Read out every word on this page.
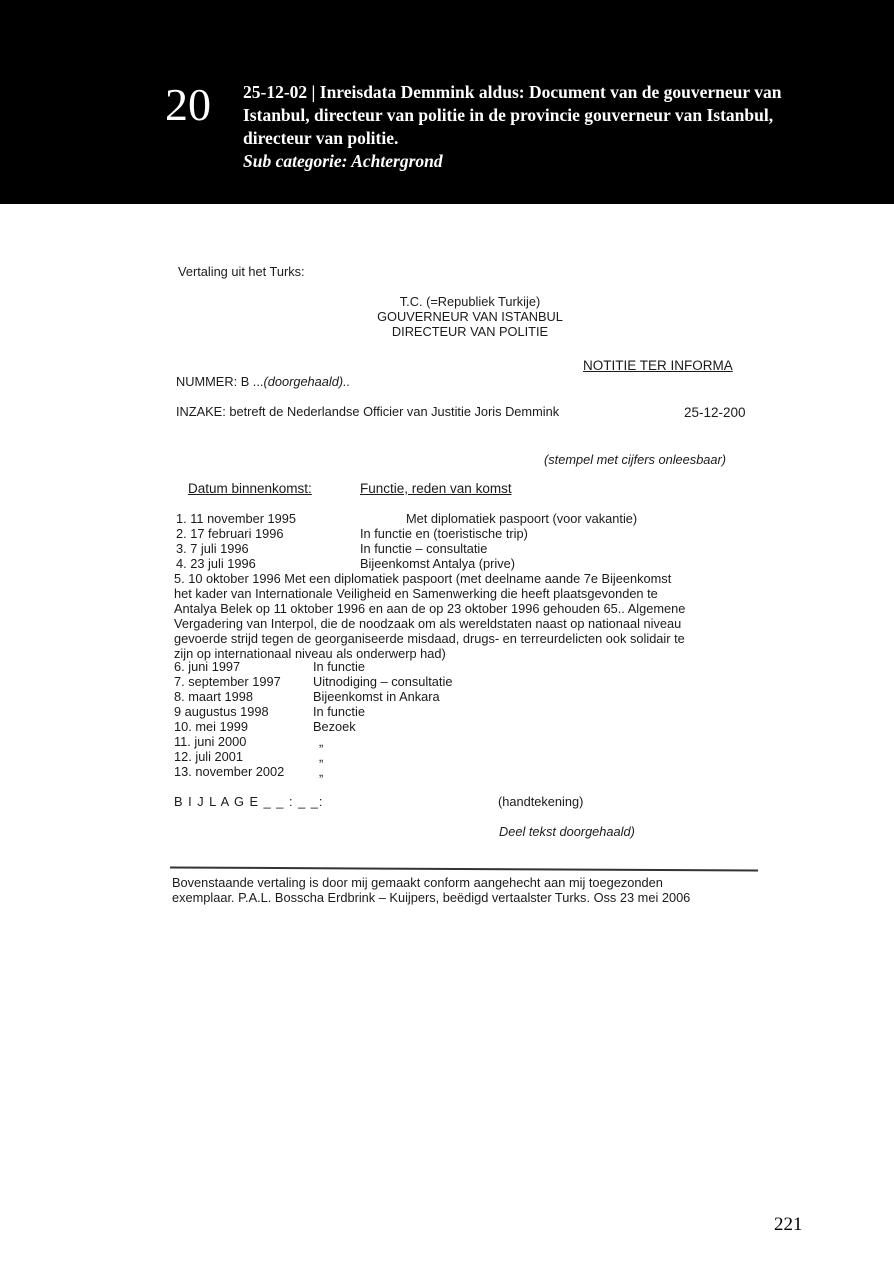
20 25-12-02 | Inreisdata Demmink aldus: Document van de gouverneur van
Istanbul, directeur van politie in de provincie gouverneur van Istanbul,
directeur van politie.
Sub categorie: Achtergrond
Vertaling uit het Turks:
T.C. (=Republiek Turkije)
GOUVERNEUR VAN ISTANBUL
DIRECTEUR VAN POLITIE
NOTITIE TER INFORMA
NUMMER: B ...(doorgehaald)..
INZAKE: betreft de Nederlandse Officier van Justitie Joris Demmink	25-12-200
(stempel met cijfers onleesbaar)
Datum binnenkomst:	Functie, reden van komst
1. 11 november 1995	Met diplomatiek paspoort (voor vakantie)
2. 17 februari 1996	In functie en (toeristische trip)
3. 7 juli 1996	In functie – consultatie
4. 23 juli 1996	Bijeenkomst Antalya (prive)
5. 10 oktober 1996 Met een diplomatiek paspoort (met deelname aande 7e Bijeenkomst
het kader van Internationale Veiligheid en Samenwerking die heeft plaatsgevonden te
Antalya Belek op 11 oktober 1996 en aan de op 23 oktober 1996 gehouden 65.. Algemene
Vergadering van Interpol, die de noodzaak om als wereldstaten naast op nationaal niveau
gevoerde strijd tegen de georganiseerde misdaad, drugs- en terreurdelicten ook solidair te
zijn op internationaal niveau als onderwerp had)
6. juni 1997	In functie
7. september 1997	Uitnodiging – consultatie
8. maart 1998	Bijeenkomst in Ankara
9 augustus 1998	In functie
10. mei 1999	Bezoek
11. juni 2000	„
12. juli 2001	„
13. november 2002	„
B I J L A G E _ _ : _ _:	(handtekening)
Deel tekst doorgehaald)
Bovenstaande vertaling is door mij gemaakt conform aangehecht aan mij toegezonden
exemplaar. P.A.L. Bosscha Erdbrink – Kuijpers, beëdigd vertaalster Turks. Oss 23 mei 2006
221
